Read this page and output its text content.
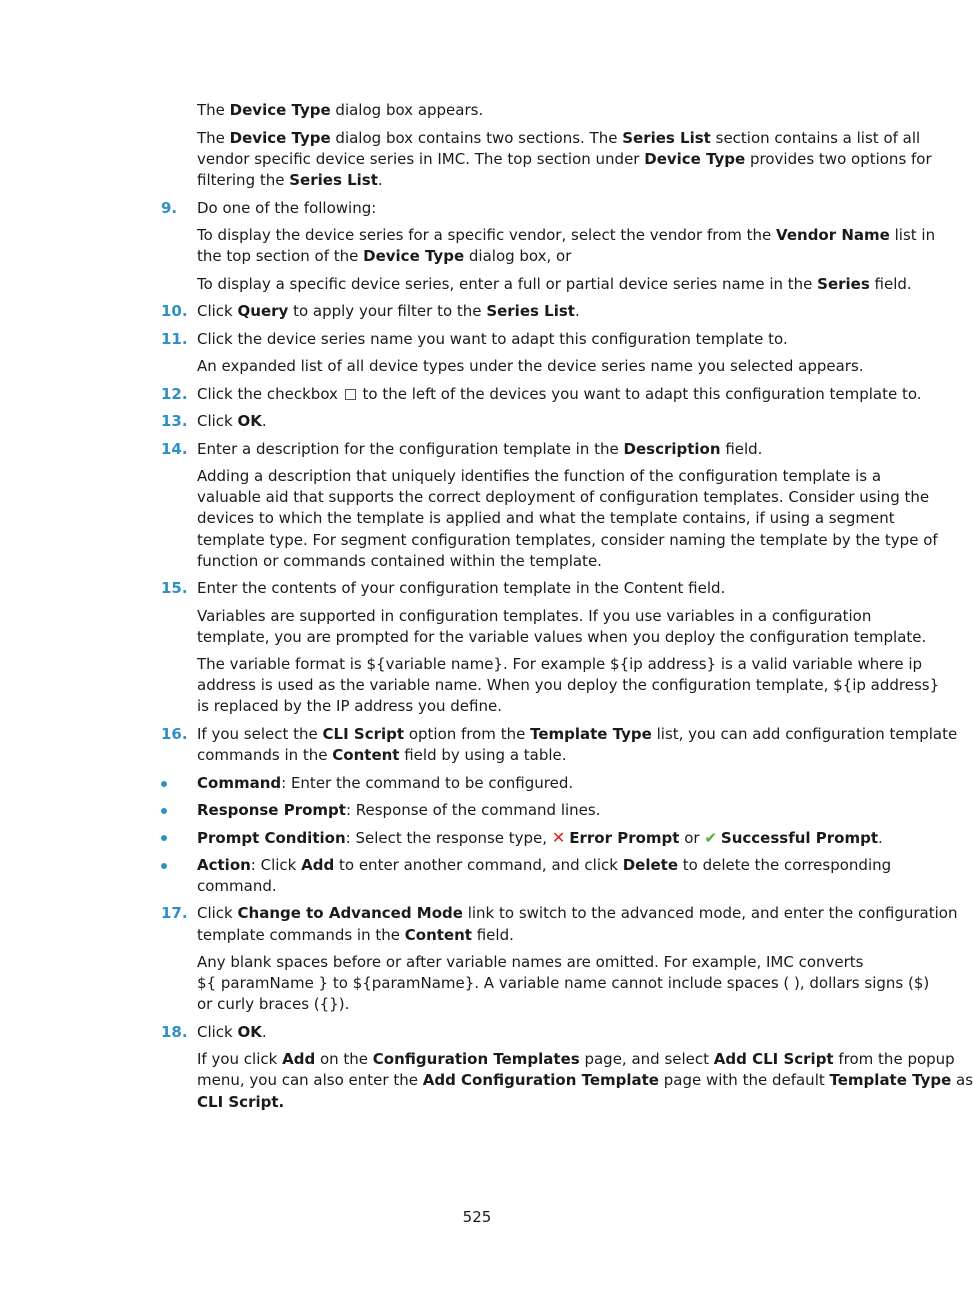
The Device Type dialog box appears.
The Device Type dialog box contains two sections. The Series List section contains a list of all
vendor specific device series in IMC. The top section under Device Type provides two options for
filtering the Series List.
9. Do one of the following:
To display the device series for a specific vendor, select the vendor from the Vendor Name list in
the top section of the Device Type dialog box, or
To display a specific device series, enter a full or partial device series name in the Series field.
10. Click Query to apply your filter to the Series List.
11. Click the device series name you want to adapt this configuration template to.
An expanded list of all device types under the device series name you selected appears.
12. Click the checkbox  to the left of the devices you want to adapt this configuration template to.
13. Click OK.
14. Enter a description for the configuration template in the Description field.
Adding a description that uniquely identifies the function of the configuration template is a
valuable aid that supports the correct deployment of configuration templates. Consider using the
devices to which the template is applied and what the template contains, if using a segment
template type. For segment configuration templates, consider naming the template by the type of
function or commands contained within the template.
15. Enter the contents of your configuration template in the Content field.
Variables are supported in configuration templates. If you use variables in a configuration
template, you are prompted for the variable values when you deploy the configuration template.
The variable format is ${variable name}. For example ${ip address} is a valid variable where ip
address is used as the variable name. When you deploy the configuration template, ${ip address}
is replaced by the IP address you define.
16. If you select the CLI Script option from the Template Type list, you can add configuration template
commands in the Content field by using a table.
Command: Enter the command to be configured.
Response Prompt: Response of the command lines.
Prompt Condition: Select the response type, ✕ Error Prompt or ✔ Successful Prompt.
Action: Click Add to enter another command, and click Delete to delete the corresponding
command.
17. Click Change to Advanced Mode link to switch to the advanced mode, and enter the configuration
template commands in the Content field.
Any blank spaces before or after variable names are omitted. For example, IMC converts
${ paramName } to ${paramName}. A variable name cannot include spaces ( ), dollars signs ($)
or curly braces ({}).
18. Click OK.
If you click Add on the Configuration Templates page, and select Add CLI Script from the popup
menu, you can also enter the Add Configuration Template page with the default Template Type as
CLI Script.
525
